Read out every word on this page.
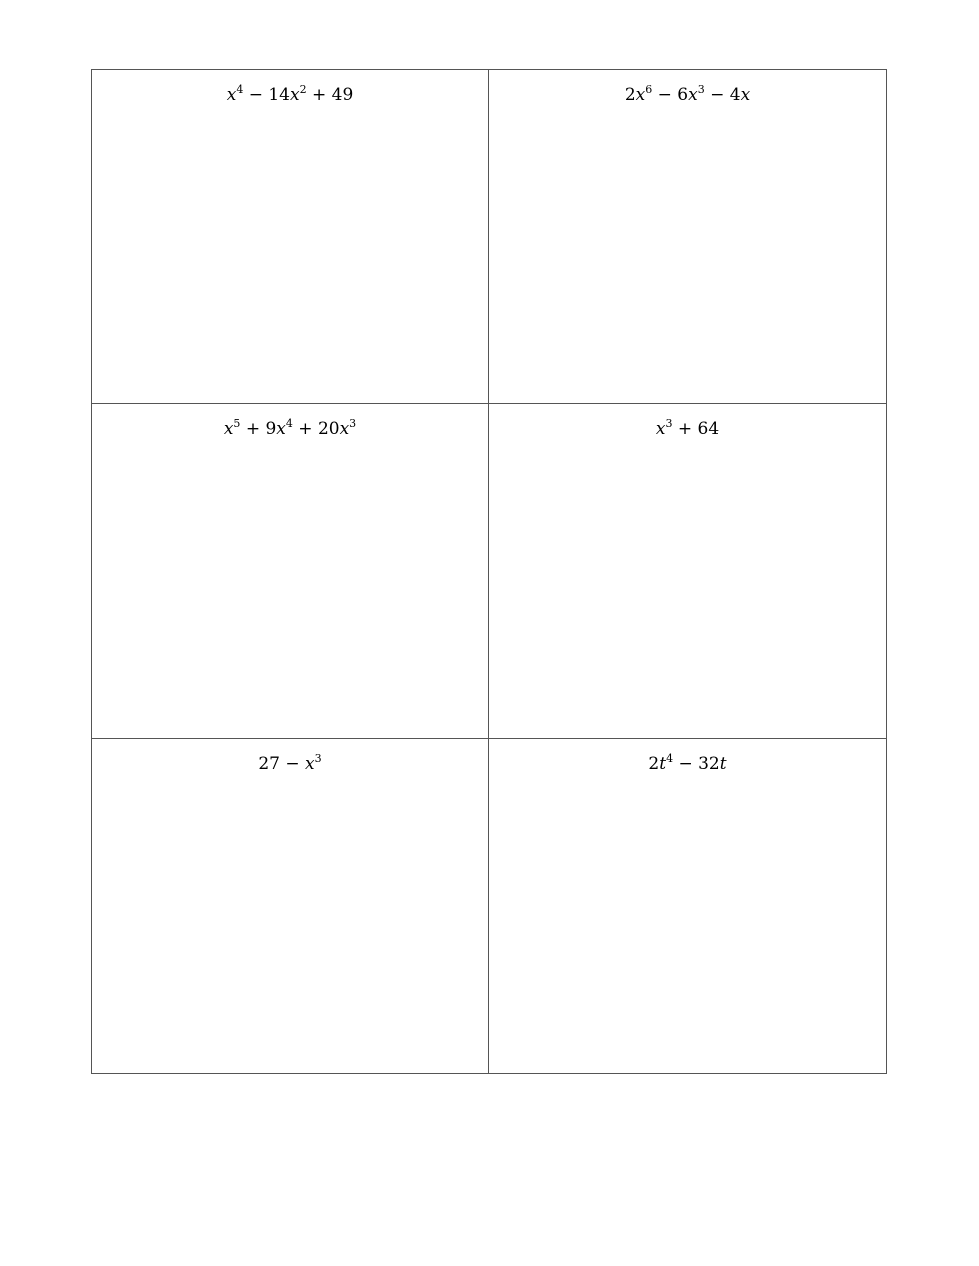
$x^4 - 14x^2 + 49$	$2x^6 - 6x^3 - 4x$
$x^5 + 9x^4 + 20x^3$	$x^3 + 64$
$27 - x^3$	$2t^4 - 32t$
